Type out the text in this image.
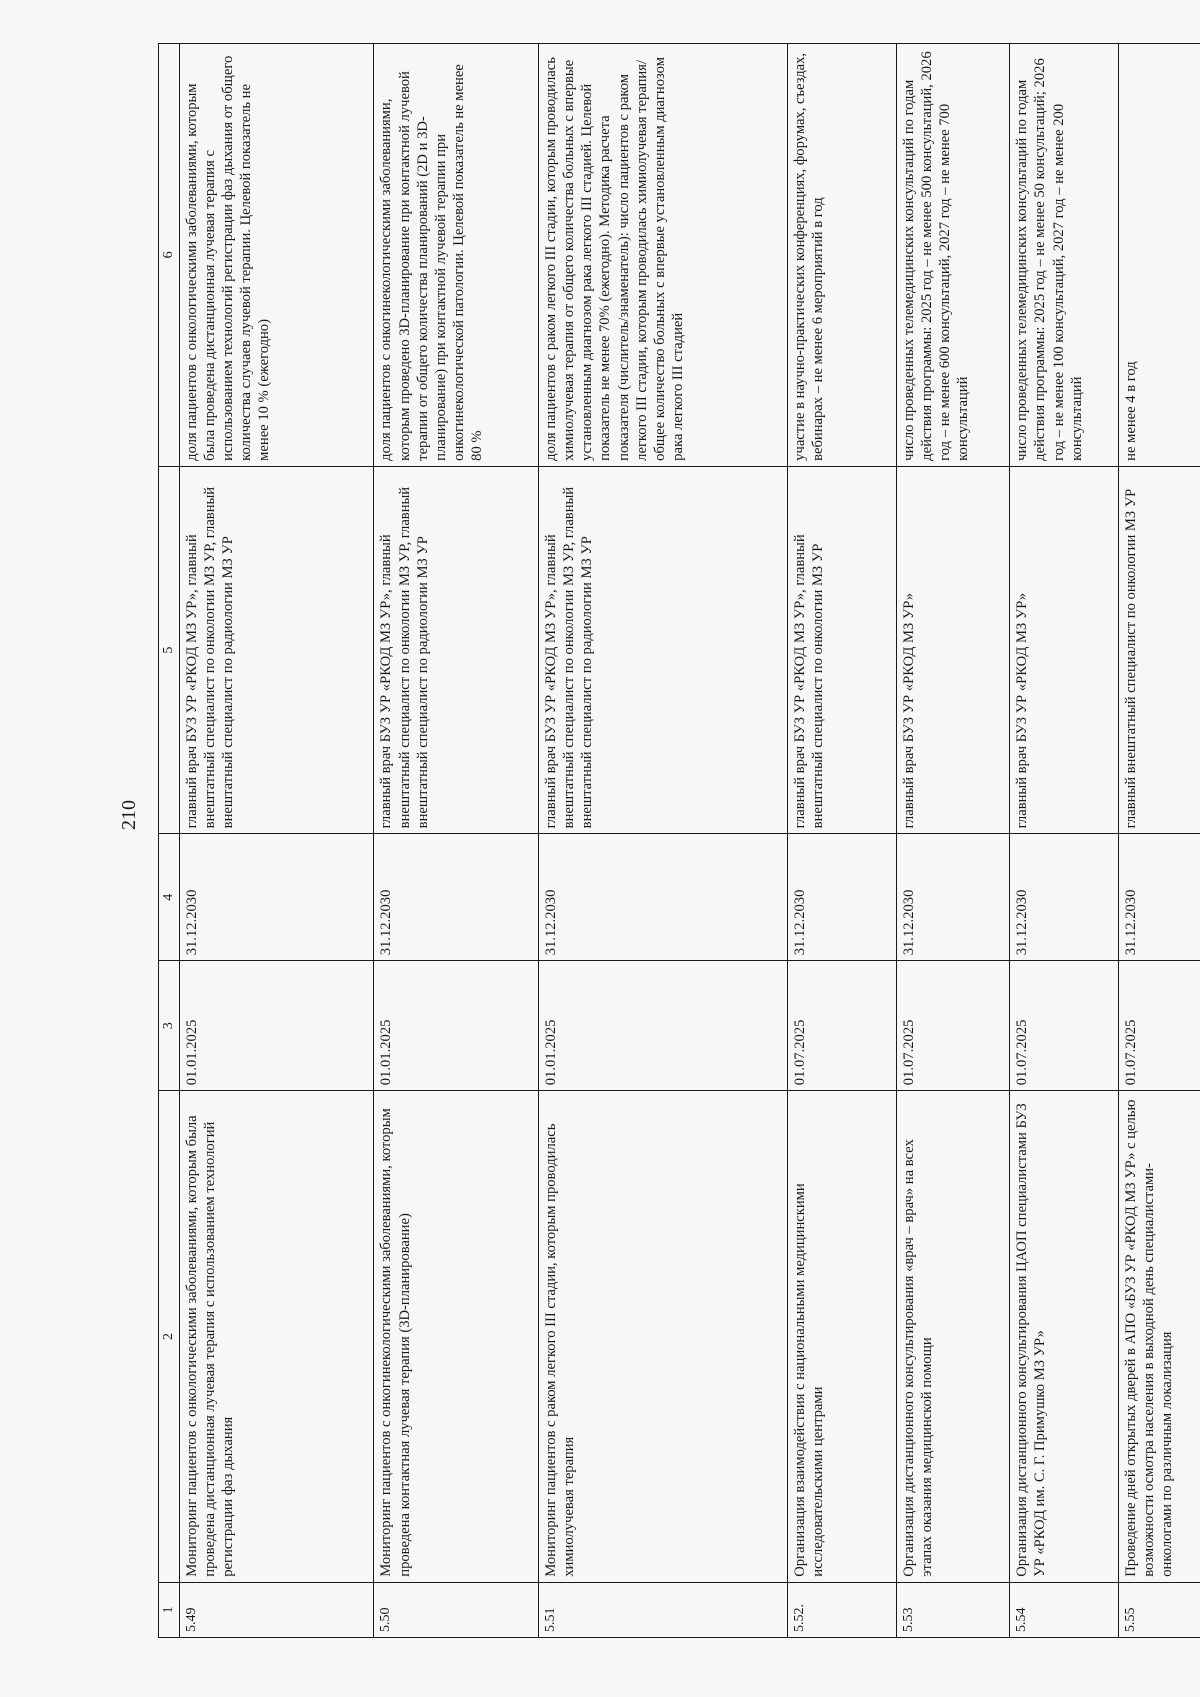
210
1	2	3	4	5	6
5.49	Мониторинг пациентов с онкологическими заболеваниями, которым была проведена дистанционная лучевая терапия с использованием технологий регистрации фаз дыхания	01.01.2025	31.12.2030	главный врач БУЗ УР «РКОД МЗ УР», главный внештатный специалист по онкологии МЗ УР, главный внештатный специалист по радиологии МЗ УР	доля пациентов с онкологическими заболеваниями, которым была проведена дистанционная лучевая терапия с использованием технологий регистрации фаз дыхания от общего количества случаев лучевой терапии. Целевой показатель не менее 10 % (ежегодно)
5.50	Мониторинг пациентов с онкогинекологическими заболеваниями, которым проведена контактная лучевая терапия (3D-планирование)	01.01.2025	31.12.2030	главный врач БУЗ УР «РКОД МЗ УР», главный внештатный специалист по онкологии МЗ УР, главный внештатный специалист по радиологии МЗ УР	доля пациентов с онкогинекологическими заболеваниями, которым проведено 3D-планирование при контактной лучевой терапии от общего количества планирований (2D и 3D-планирование) при контактной лучевой терапии при онкогинекологической патологии. Целевой показатель не менее 80 %
5.51	Мониторинг пациентов с раком легкого III стадии, которым проводилась химиолучевая терапия	01.01.2025	31.12.2030	главный врач БУЗ УР «РКОД МЗ УР», главный внештатный специалист по онкологии МЗ УР, главный внештатный специалист по радиологии МЗ УР	доля пациентов с раком легкого III стадии, которым проводилась химиолучевая терапия от общего количества больных с впервые установленным диагнозом рака легкого III стадией. Целевой показатель не менее 70% (ежегодно). Методика расчета показателя (числитель/знаменатель): число пациентов с раком легкого III стадии, которым проводилась химиолучевая терапия/общее количество больных с впервые установленным диагнозом рака легкого III стадией
5.52.	Организация взаимодействия с национальными медицинскими исследовательскими центрами	01.07.2025	31.12.2030	главный врач БУЗ УР «РКОД МЗ УР», главный внештатный специалист по онкологии МЗ УР	участие в научно-практических конференциях, форумах, съездах, вебинарах – не менее 6 мероприятий в год
5.53	Организация дистанционного консультирования «врач – врач» на всех этапах оказания медицинской помощи	01.07.2025	31.12.2030	главный врач БУЗ УР «РКОД МЗ УР»	число проведенных телемедицинских консультаций по годам действия программы: 2025 год – не менее 500 консультаций, 2026 год – не менее 600 консультаций, 2027 год – не менее 700 консультаций
5.54	Организация дистанционного консультирования ЦАОП специалистами БУЗ УР «РКОД им. С. Г. Примушко МЗ УР»	01.07.2025	31.12.2030	главный врач БУЗ УР «РКОД МЗ УР»	число проведенных телемедицинских консультаций по годам действия программы: 2025 год – не менее 50 консультаций; 2026 год – не менее 100 консультаций, 2027 год – не менее 200 консультаций
5.55	Проведение дней открытых дверей в АПО «БУЗ УР «РКОД МЗ УР» с целью возможности осмотра населения в выходной день специалистами-онкологами по различным локализация	01.07.2025	31.12.2030	главный внештатный специалист по онкологии МЗ УР	не менее 4 в год
